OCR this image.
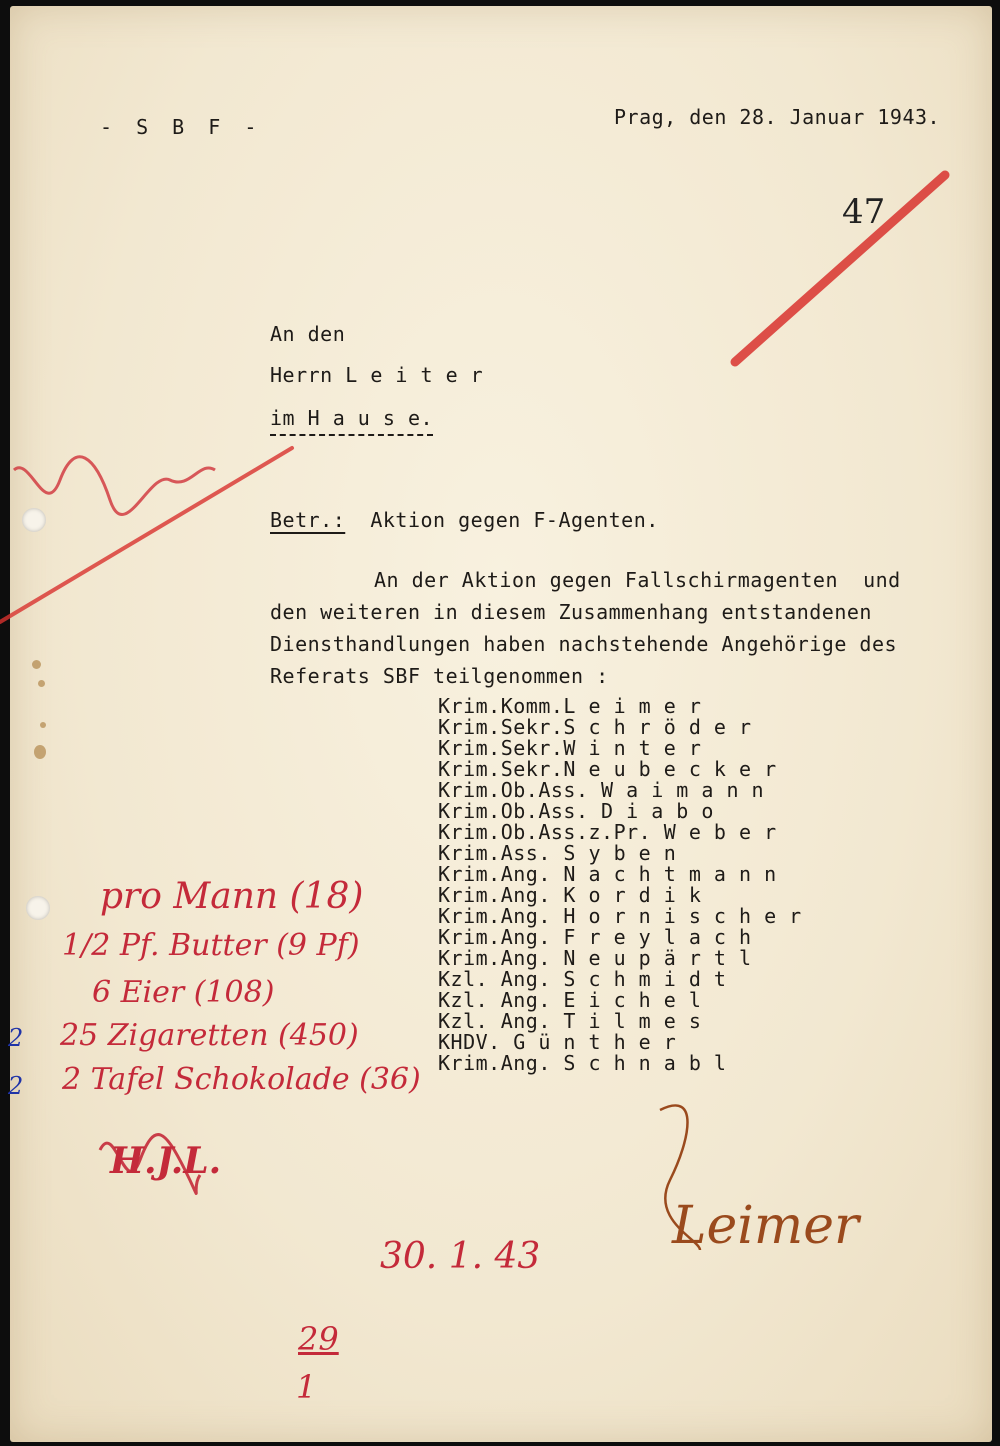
- S B F -	Prag, den 28. Januar 1943.
47
An den
Herrn L e i t e r
im H a u s e.
Betr.: Aktion gegen F-Agenten.
An der Aktion gegen Fallschirmagenten  und
den weiteren in diesem Zusammenhang entstandenen
Diensthandlungen haben nachstehende Angehörige des
Referats SBF teilgenommen :
Krim.Komm.L e i m e r
Krim.Sekr.S c h r ö d e r
Krim.Sekr.W i n t e r
Krim.Sekr.N e u b e c k e r
Krim.Ob.Ass. W a i m a n n
Krim.Ob.Ass. D i a b o
Krim.Ob.Ass.z.Pr. W e b e r
Krim.Ass. S y b e n
Krim.Ang. N a c h t m a n n
Krim.Ang. K o r d i k
Krim.Ang. H o r n i s c h e r
Krim.Ang. F r e y l a c h
Krim.Ang. N e u p ä r t l
Kzl. Ang. S c h m i d t
Kzl. Ang. E i c h e l
Kzl. Ang. T i l m e s
KHDV. G ü n t h e r
Krim.Ang. S c h n a b l
pro Mann (18)
1/2 Pf. Butter (9 Pf)
6 Eier (108)
25 Zigaretten (450)
2 Tafel Schokolade (36)
2
2
H.J.L.
30. 1. 43
29
1
Leimer
